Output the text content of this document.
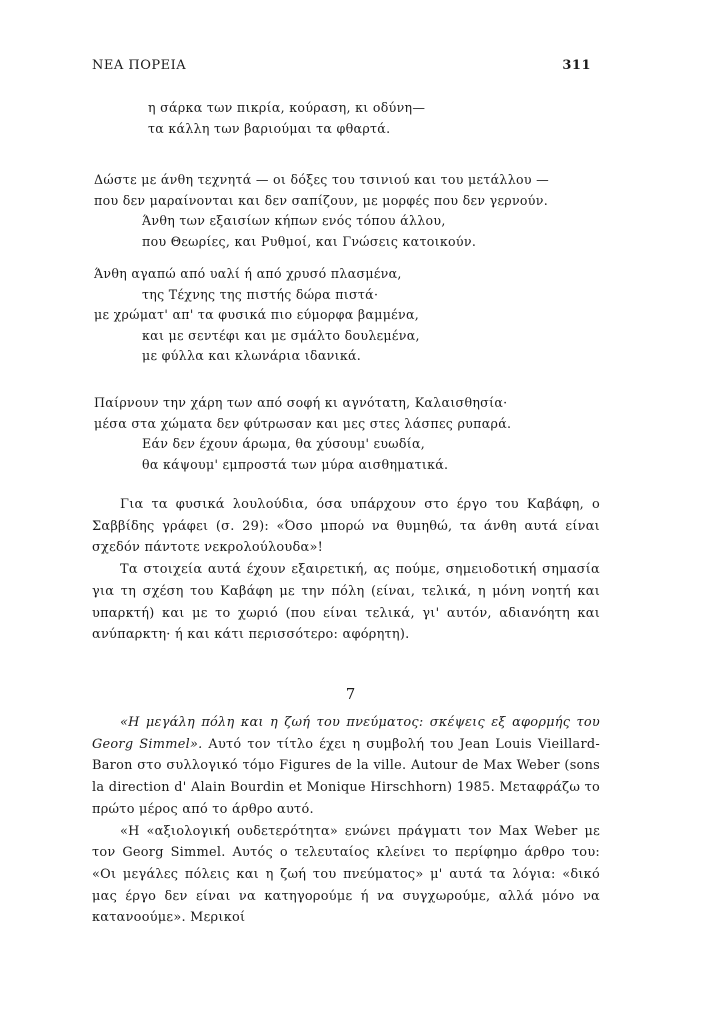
ΝΕΑ ΠΟΡΕΙΑ	311
η σάρκα των πικρία, κούραση, κι οδύνη—
τα κάλλη των βαριούμαι τα φθαρτά.
Δώστε με άνθη τεχνητά — οι δόξες του τσινιού και του μετάλλου —
που δεν μαραίνονται και δεν σαπίζουν, με μορφές που δεν γερνούν.
Άνθη των εξαισίων κήπων ενός τόπου άλλου,
που Θεωρίες, και Ρυθμοί, και Γνώσεις κατοικούν.
Άνθη αγαπώ από υαλί ή από χρυσό πλασμένα,
της Τέχνης της πιστής δώρα πιστά·
με χρώματ' απ' τα φυσικά πιο εύμορφα βαμμένα,
και με σεντέφι και με σμάλτο δουλεμένα,
με φύλλα και κλωνάρια ιδανικά.
Παίρνουν την χάρη των από σοφή κι αγνότατη, Καλαισθησία·
μέσα στα χώματα δεν φύτρωσαν και μες στες λάσπες ρυπαρά.
Εάν δεν έχουν άρωμα, θα χύσουμ' ευωδία,
θα κάψουμ' εμπροστά των μύρα αισθηματικά.

Για τα φυσικά λουλούδια, όσα υπάρχουν στο έργο του Καβάφη, ο Σαββίδης γράφει (σ. 29): «Όσο μπορώ να θυμηθώ, τα άνθη αυτά είναι σχεδόν πάντοτε νεκρολούλουδα»!

Τα στοιχεία αυτά έχουν εξαιρετική, ας πούμε, σημειοδοτική σημασία για τη σχέση του Καβάφη με την πόλη (είναι, τελικά, η μόνη νοητή και υπαρκτή) και με το χωριό (που είναι τελικά, γι' αυτόν, αδιανόητη και ανύπαρκτη· ή και κάτι περισσότερο: αφόρητη).

7

«Η μεγάλη πόλη και η ζωή του πνεύματος: σκέψεις εξ αφορμής του Georg Simmel». Αυτό τον τίτλο έχει η συμβολή του Jean Louis Vieillard-Baron στο συλλογικό τόμο Figures de la ville. Autour de Max Weber (sons la direction d' Alain Bourdin et Monique Hirschhorn) 1985. Μεταφράζω το πρώτο μέρος από το άρθρο αυτό.

«Η «αξιολογική ουδετερότητα» ενώνει πράγματι τον Max Weber με τον Georg Simmel. Αυτός ο τελευταίος κλείνει το περίφημο άρθρο του: «Οι μεγάλες πόλεις και η ζωή του πνεύματος» μ' αυτά τα λόγια: «δικό μας έργο δεν είναι να κατηγορούμε ή να συγχωρούμε, αλλά μόνο να κατανοούμε». Μερικοί
